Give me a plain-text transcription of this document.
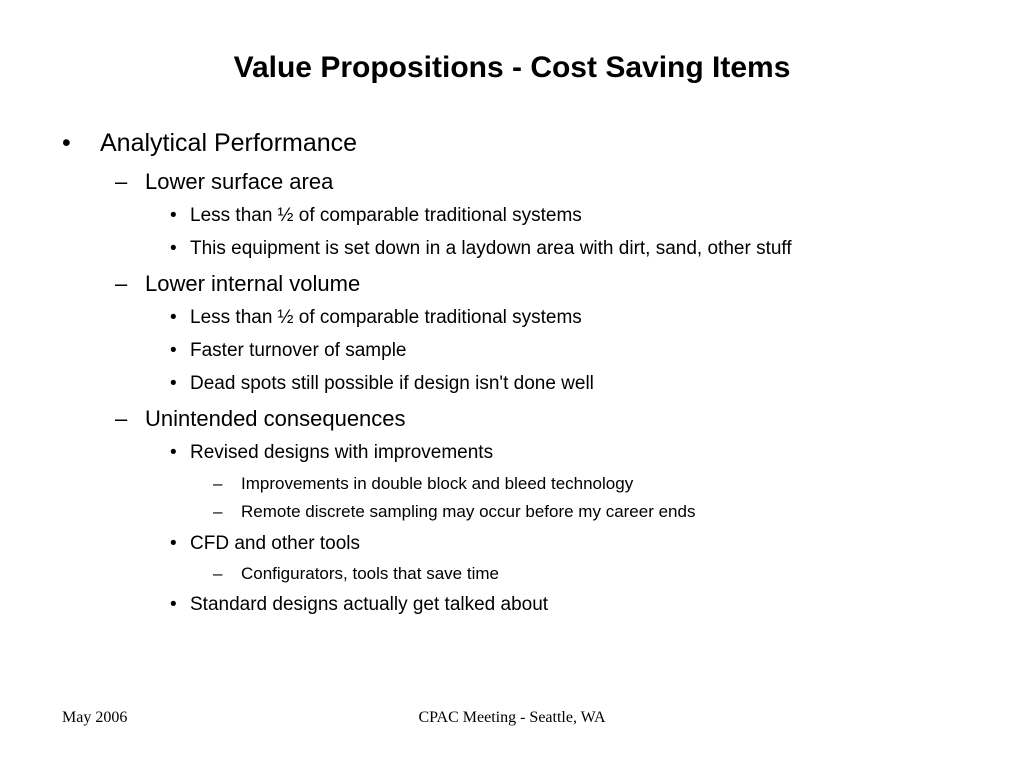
Value Propositions - Cost Saving Items
• Analytical Performance
– Lower surface area
• Less than ½ of comparable traditional systems
• This equipment is set down in a laydown area with dirt, sand, other stuff
– Lower internal volume
• Less than ½ of comparable traditional systems
• Faster turnover of sample
• Dead spots still possible if design isn't done well
– Unintended consequences
• Revised designs with improvements
– Improvements in double block and bleed technology
– Remote discrete sampling may occur before my career ends
• CFD and other tools
– Configurators, tools that save time
• Standard designs actually get talked about
May 2006	CPAC Meeting - Seattle, WA
